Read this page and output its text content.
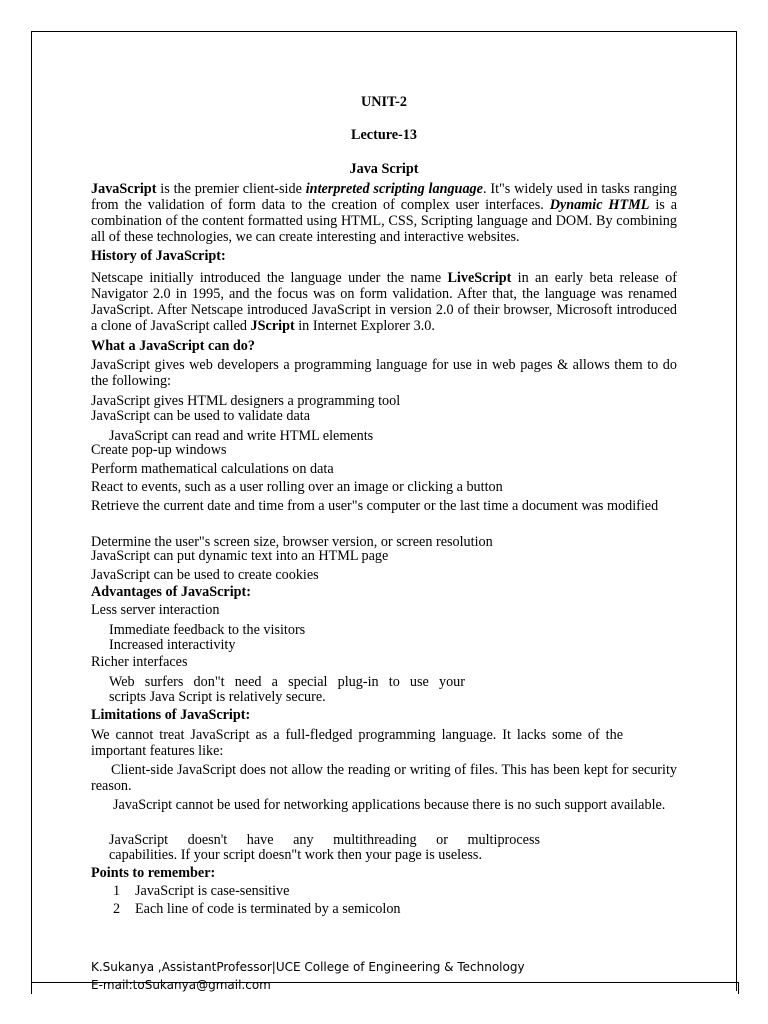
UNIT-2
Lecture-13
Java Script
JavaScript is the premier client-side interpreted scripting language. It"s widely used in tasks ranging from the validation of form data to the creation of complex user interfaces. Dynamic HTML is a combination of the content formatted using HTML, CSS, Scripting language and DOM. By combining all of these technologies, we can create interesting and interactive websites.
History of JavaScript:
Netscape initially introduced the language under the name LiveScript in an early beta release of Navigator 2.0 in 1995, and the focus was on form validation. After that, the language was renamed JavaScript. After Netscape introduced JavaScript in version 2.0 of their browser, Microsoft introduced a clone of JavaScript called JScript in Internet Explorer 3.0.
What a JavaScript can do?
JavaScript gives web developers a programming language for use in web pages & allows them to do the following:
JavaScript gives HTML designers a programming tool
JavaScript can be used to validate data
JavaScript can read and write HTML elements
Create pop-up windows
Perform mathematical calculations on data
React to events, such as a user rolling over an image or clicking a button
Retrieve the current date and time from a user"s computer or the last time a document was modified
Determine the user"s screen size, browser version, or screen resolution
JavaScript can put dynamic text into an HTML page
JavaScript can be used to create cookies
Advantages of JavaScript:
Less server interaction
Immediate feedback to the visitors
Increased interactivity
Richer interfaces
Web surfers don"t need a special plug-in to use your
scripts Java Script is relatively secure.
Limitations of JavaScript:
We cannot treat JavaScript as a full-fledged programming language. It lacks some of the important features like:
Client-side JavaScript does not allow the reading or writing of files. This has been kept for security reason.
JavaScript cannot be used for networking applications because there is no such support available.
JavaScript doesn't have any multithreading or multiprocess
capabilities. If your script doesn"t work then your page is useless.
Points to remember:
1 JavaScript is case-sensitive
2 Each line of code is terminated by a semicolon
K.Sukanya ,AssistantProfessor|UCE College of Engineering & Technology
E-mail:toSukanya@gmail.com
